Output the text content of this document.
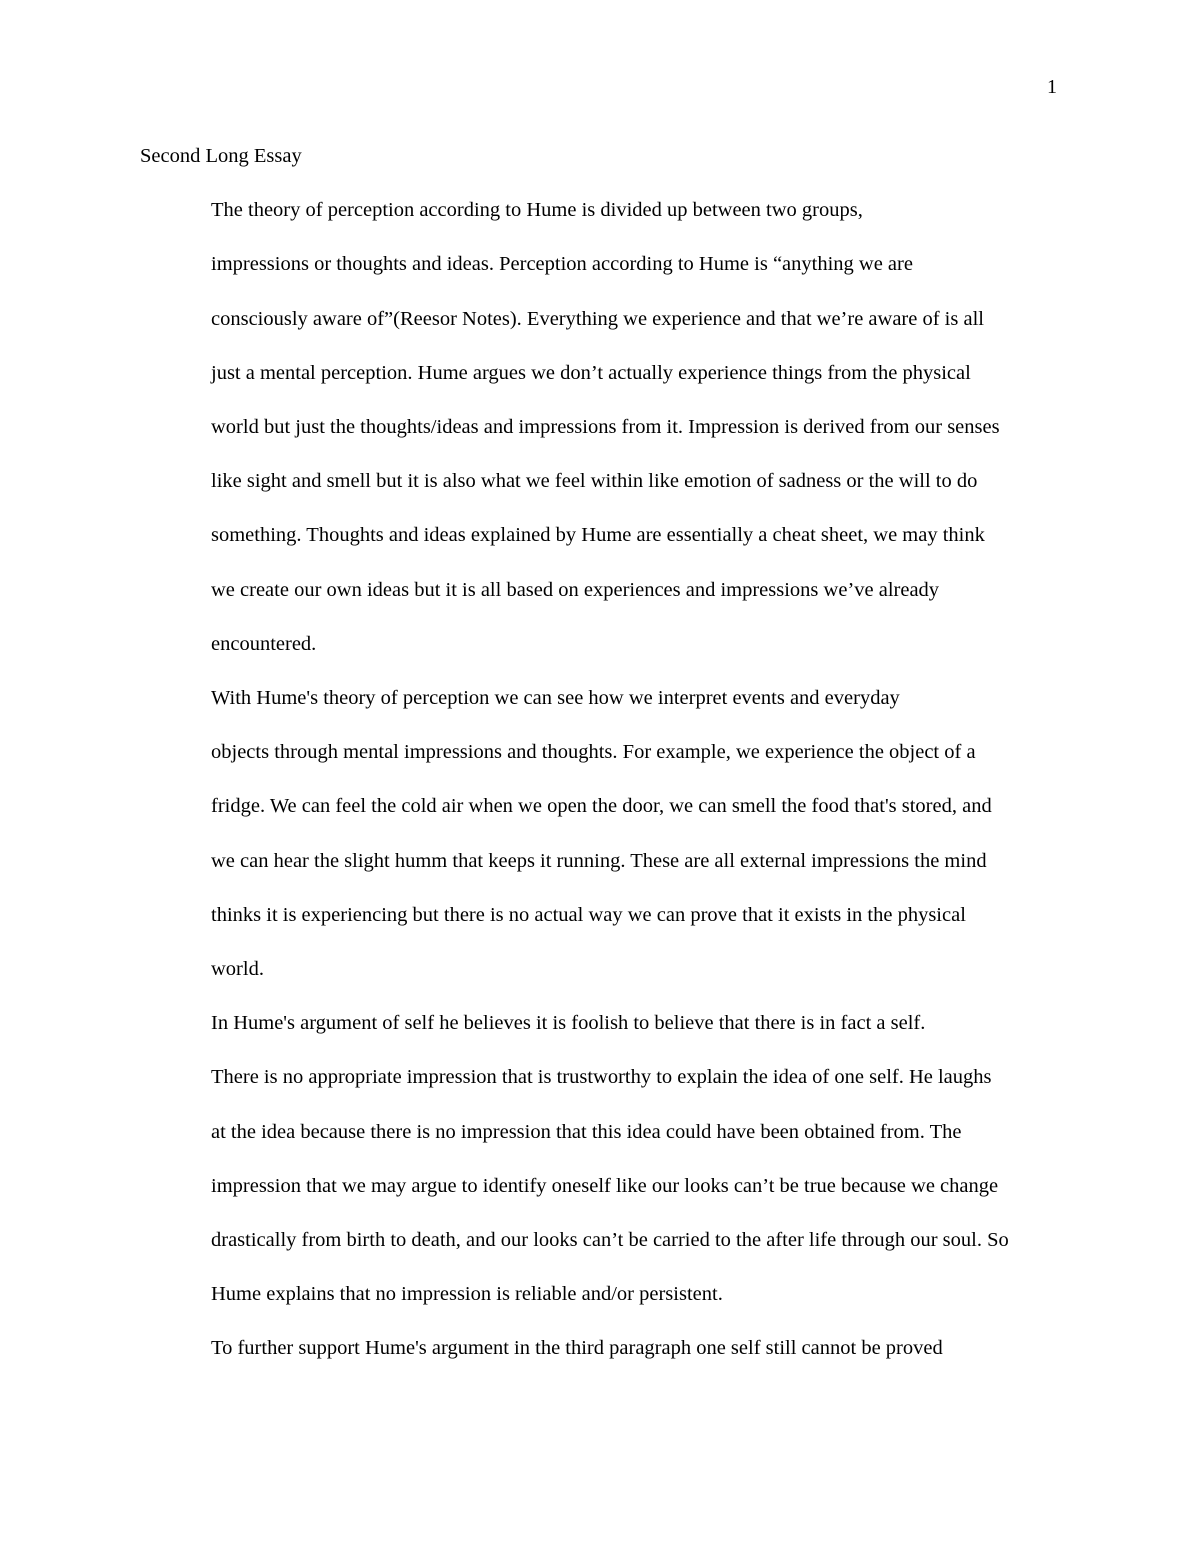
1
Second Long Essay

The theory of perception according to Hume is divided up between two groups,
impressions or thoughts and ideas. Perception according to Hume is “anything we are
consciously aware of”(Reesor Notes). Everything we experience and that we’re aware of is all
just a mental perception. Hume argues we don’t actually experience things from the physical
world but just the thoughts/ideas and impressions from it. Impression is derived from our senses
like sight and smell but it is also what we feel within like emotion of sadness or the will to do
something. Thoughts and ideas explained by Hume are essentially a cheat sheet, we may think
we create our own ideas but it is all based on experiences and impressions we’ve already
encountered.

With Hume's theory of perception we can see how we interpret events and everyday
objects through mental impressions and thoughts. For example, we experience the object of a
fridge. We can feel the cold air when we open the door, we can smell the food that's stored, and
we can hear the slight humm that keeps it running. These are all external impressions the mind
thinks it is experiencing but there is no actual way we can prove that it exists in the physical
world.

In Hume's argument of self he believes it is foolish to believe that there is in fact a self.
There is no appropriate impression that is trustworthy to explain the idea of one self. He laughs
at the idea because there is no impression that this idea could have been obtained from. The
impression that we may argue to identify oneself like our looks can’t be true because we change
drastically from birth to death, and our looks can’t be carried to the after life through our soul. So
Hume explains that no impression is reliable and/or persistent.

To further support Hume's argument in the third paragraph one self still cannot be proved
